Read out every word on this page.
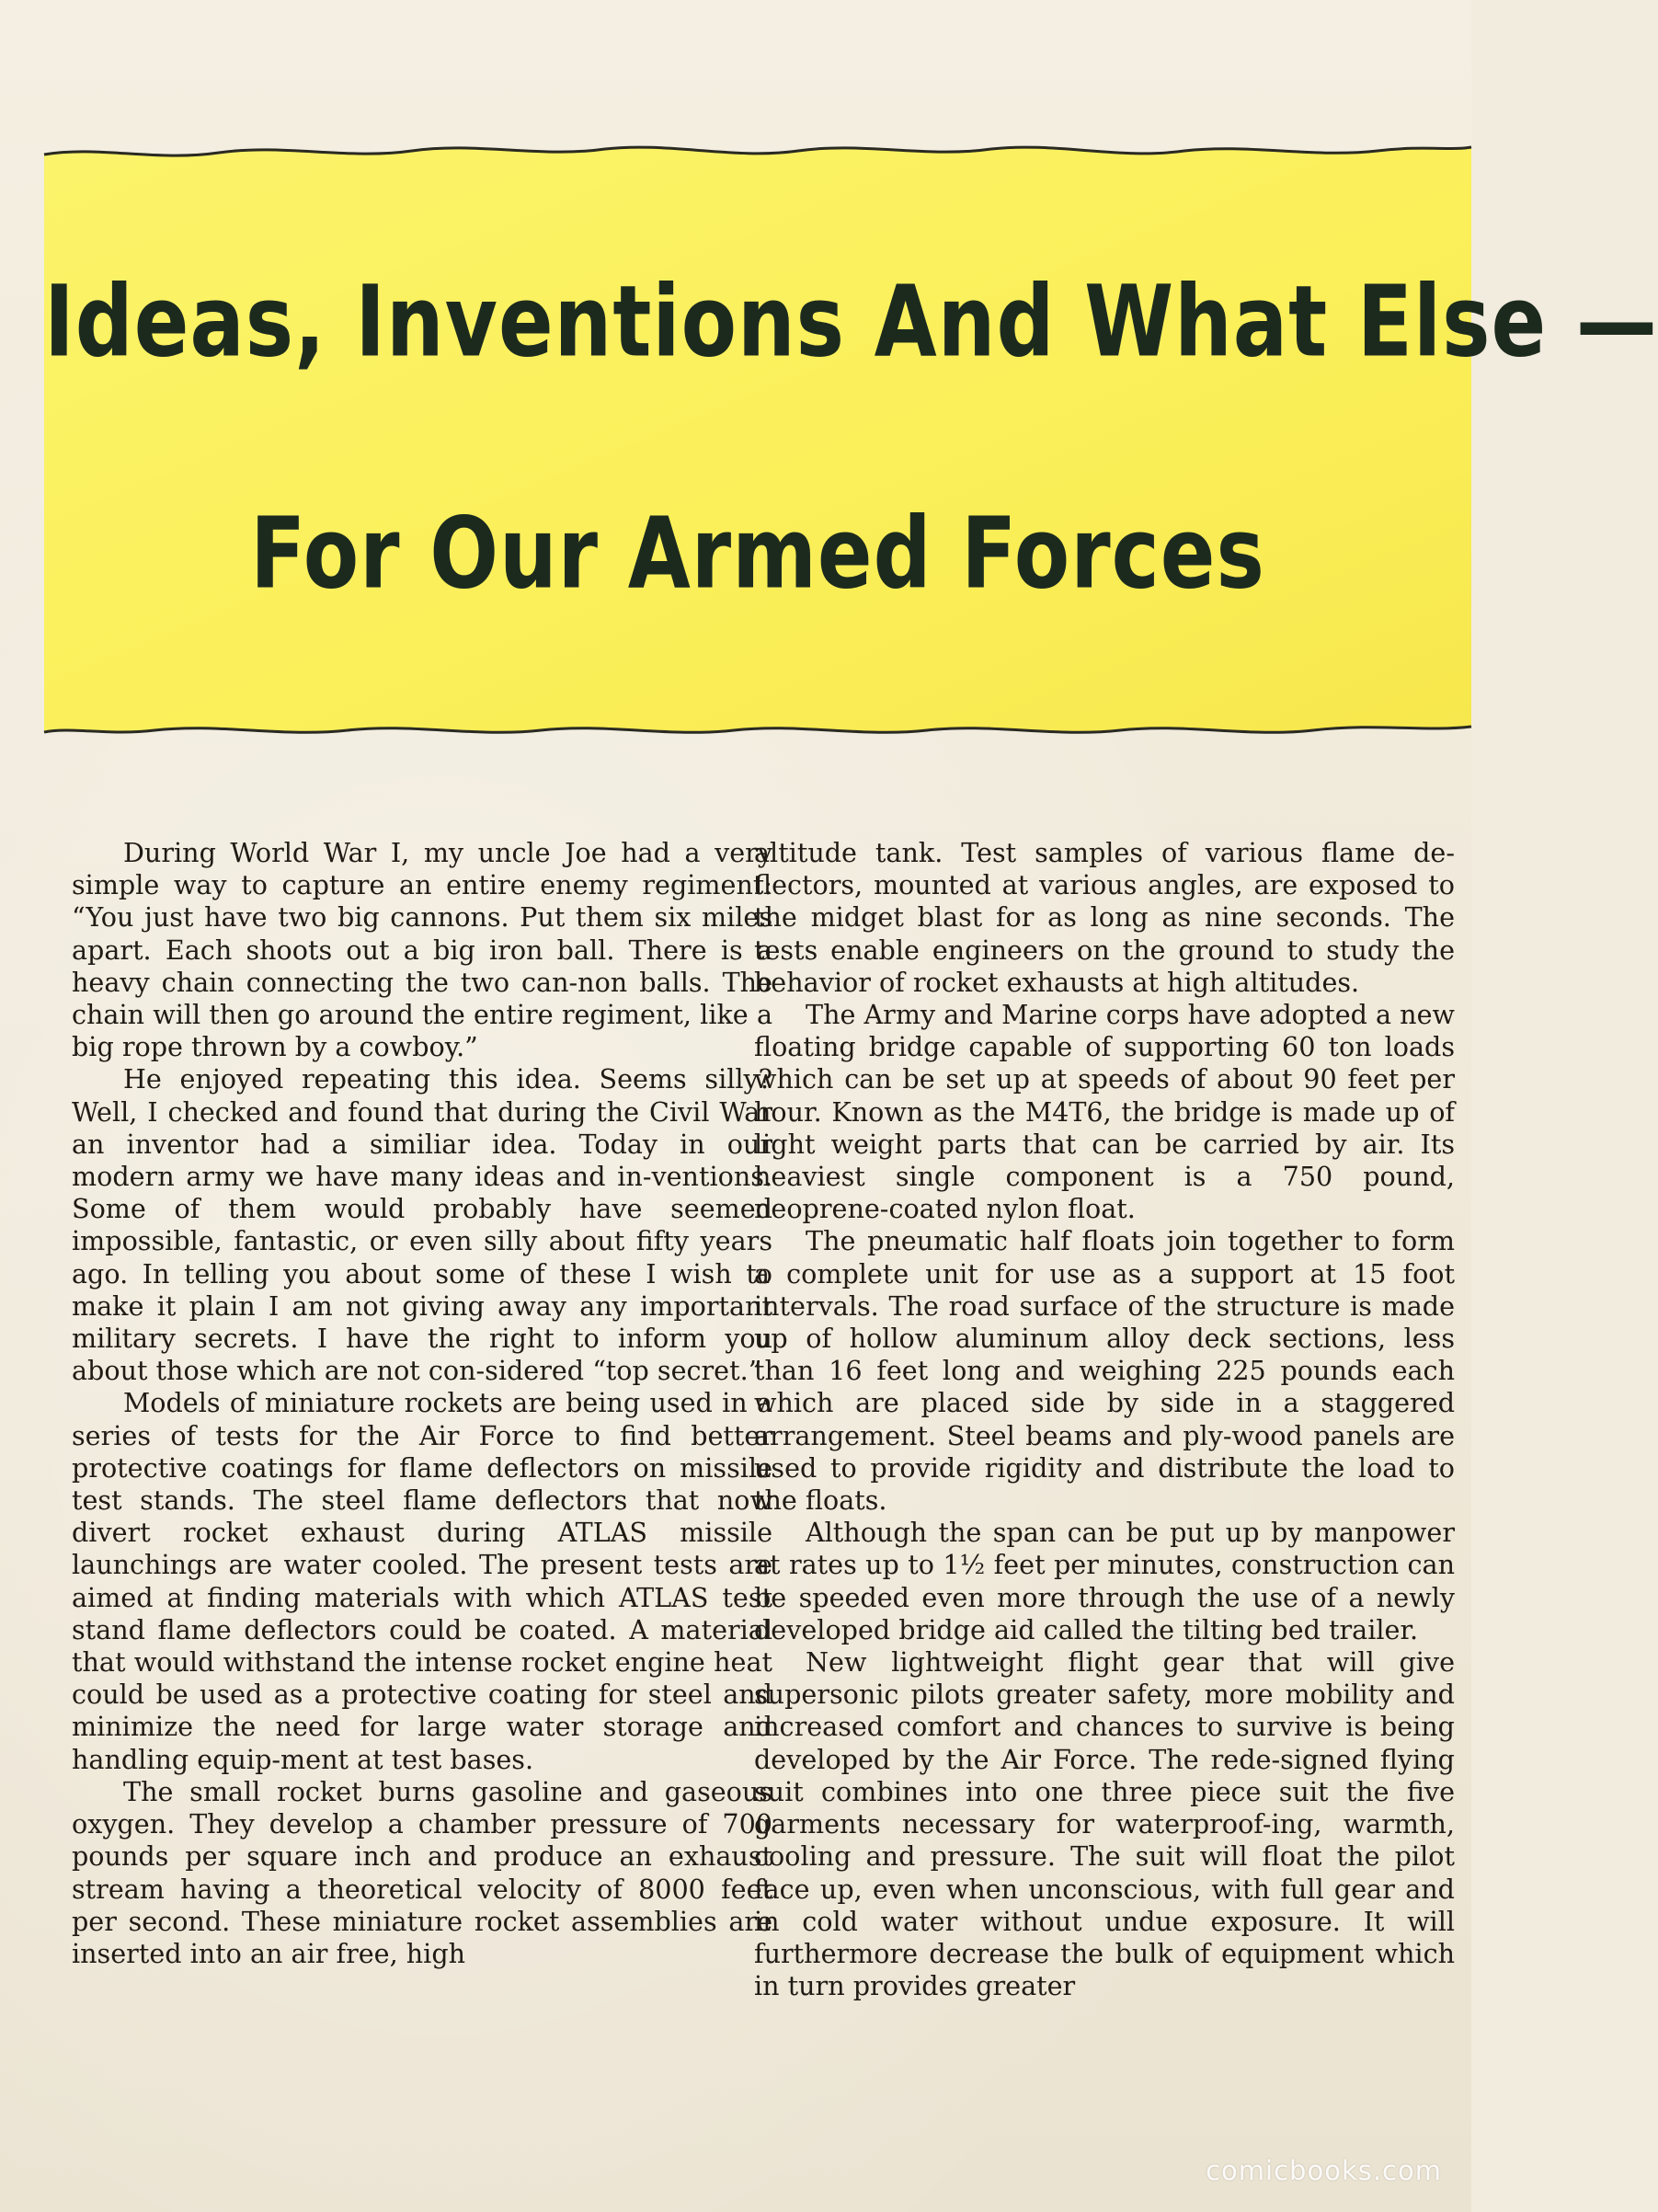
Ideas, Inventions And What Else —
For Our Armed Forces

During World War I, my uncle Joe had a very simple way to capture an entire enemy regiment: “You just have two big cannons. Put them six miles apart. Each shoots out a big iron ball. There is a heavy chain connecting the two can-non balls. The chain will then go around the entire regiment, like a big rope thrown by a cowboy.”

He enjoyed repeating this idea. Seems silly? Well, I checked and found that during the Civil War an inventor had a similiar idea. Today in our modern army we have many ideas and in-ventions. Some of them would probably have seemed impossible, fantastic, or even silly about fifty years ago. In telling you about some of these I wish to make it plain I am not giving away any important military secrets. I have the right to inform you about those which are not con-sidered “top secret.”

Models of miniature rockets are being used in a series of tests for the Air Force to find better protective coatings for flame deflectors on missile test stands. The steel flame deflectors that now divert rocket exhaust during ATLAS missile launchings are water cooled. The present tests are aimed at finding materials with which ATLAS test stand flame deflectors could be coated. A material that would withstand the intense rocket engine heat could be used as a protective coating for steel and minimize the need for large water storage and handling equip-ment at test bases.

The small rocket burns gasoline and gaseous oxygen. They develop a chamber pressure of 700 pounds per square inch and produce an exhaust stream having a theoretical velocity of 8000 feet per second. These miniature rocket assemblies are inserted into an air free, high

altitude tank. Test samples of various flame de-flectors, mounted at various angles, are exposed to the midget blast for as long as nine seconds. The tests enable engineers on the ground to study the behavior of rocket exhausts at high altitudes.

The Army and Marine corps have adopted a new floating bridge capable of supporting 60 ton loads which can be set up at speeds of about 90 feet per hour. Known as the M4T6, the bridge is made up of light weight parts that can be carried by air. Its heaviest single component is a 750 pound, neoprene-coated nylon float.

The pneumatic half floats join together to form a complete unit for use as a support at 15 foot intervals. The road surface of the structure is made up of hollow aluminum alloy deck sections, less than 16 feet long and weighing 225 pounds each which are placed side by side in a staggered arrangement. Steel beams and ply-wood panels are used to provide rigidity and distribute the load to the floats.

Although the span can be put up by manpower at rates up to 1½ feet per minutes, construction can be speeded even more through the use of a newly developed bridge aid called the tilting bed trailer.

New lightweight flight gear that will give supersonic pilots greater safety, more mobility and increased comfort and chances to survive is being developed by the Air Force. The rede-signed flying suit combines into one three piece suit the five garments necessary for waterproof-ing, warmth, cooling and pressure. The suit will float the pilot face up, even when unconscious, with full gear and in cold water without undue exposure. It will furthermore decrease the bulk of equipment which in turn provides greater

comicbooks.com
